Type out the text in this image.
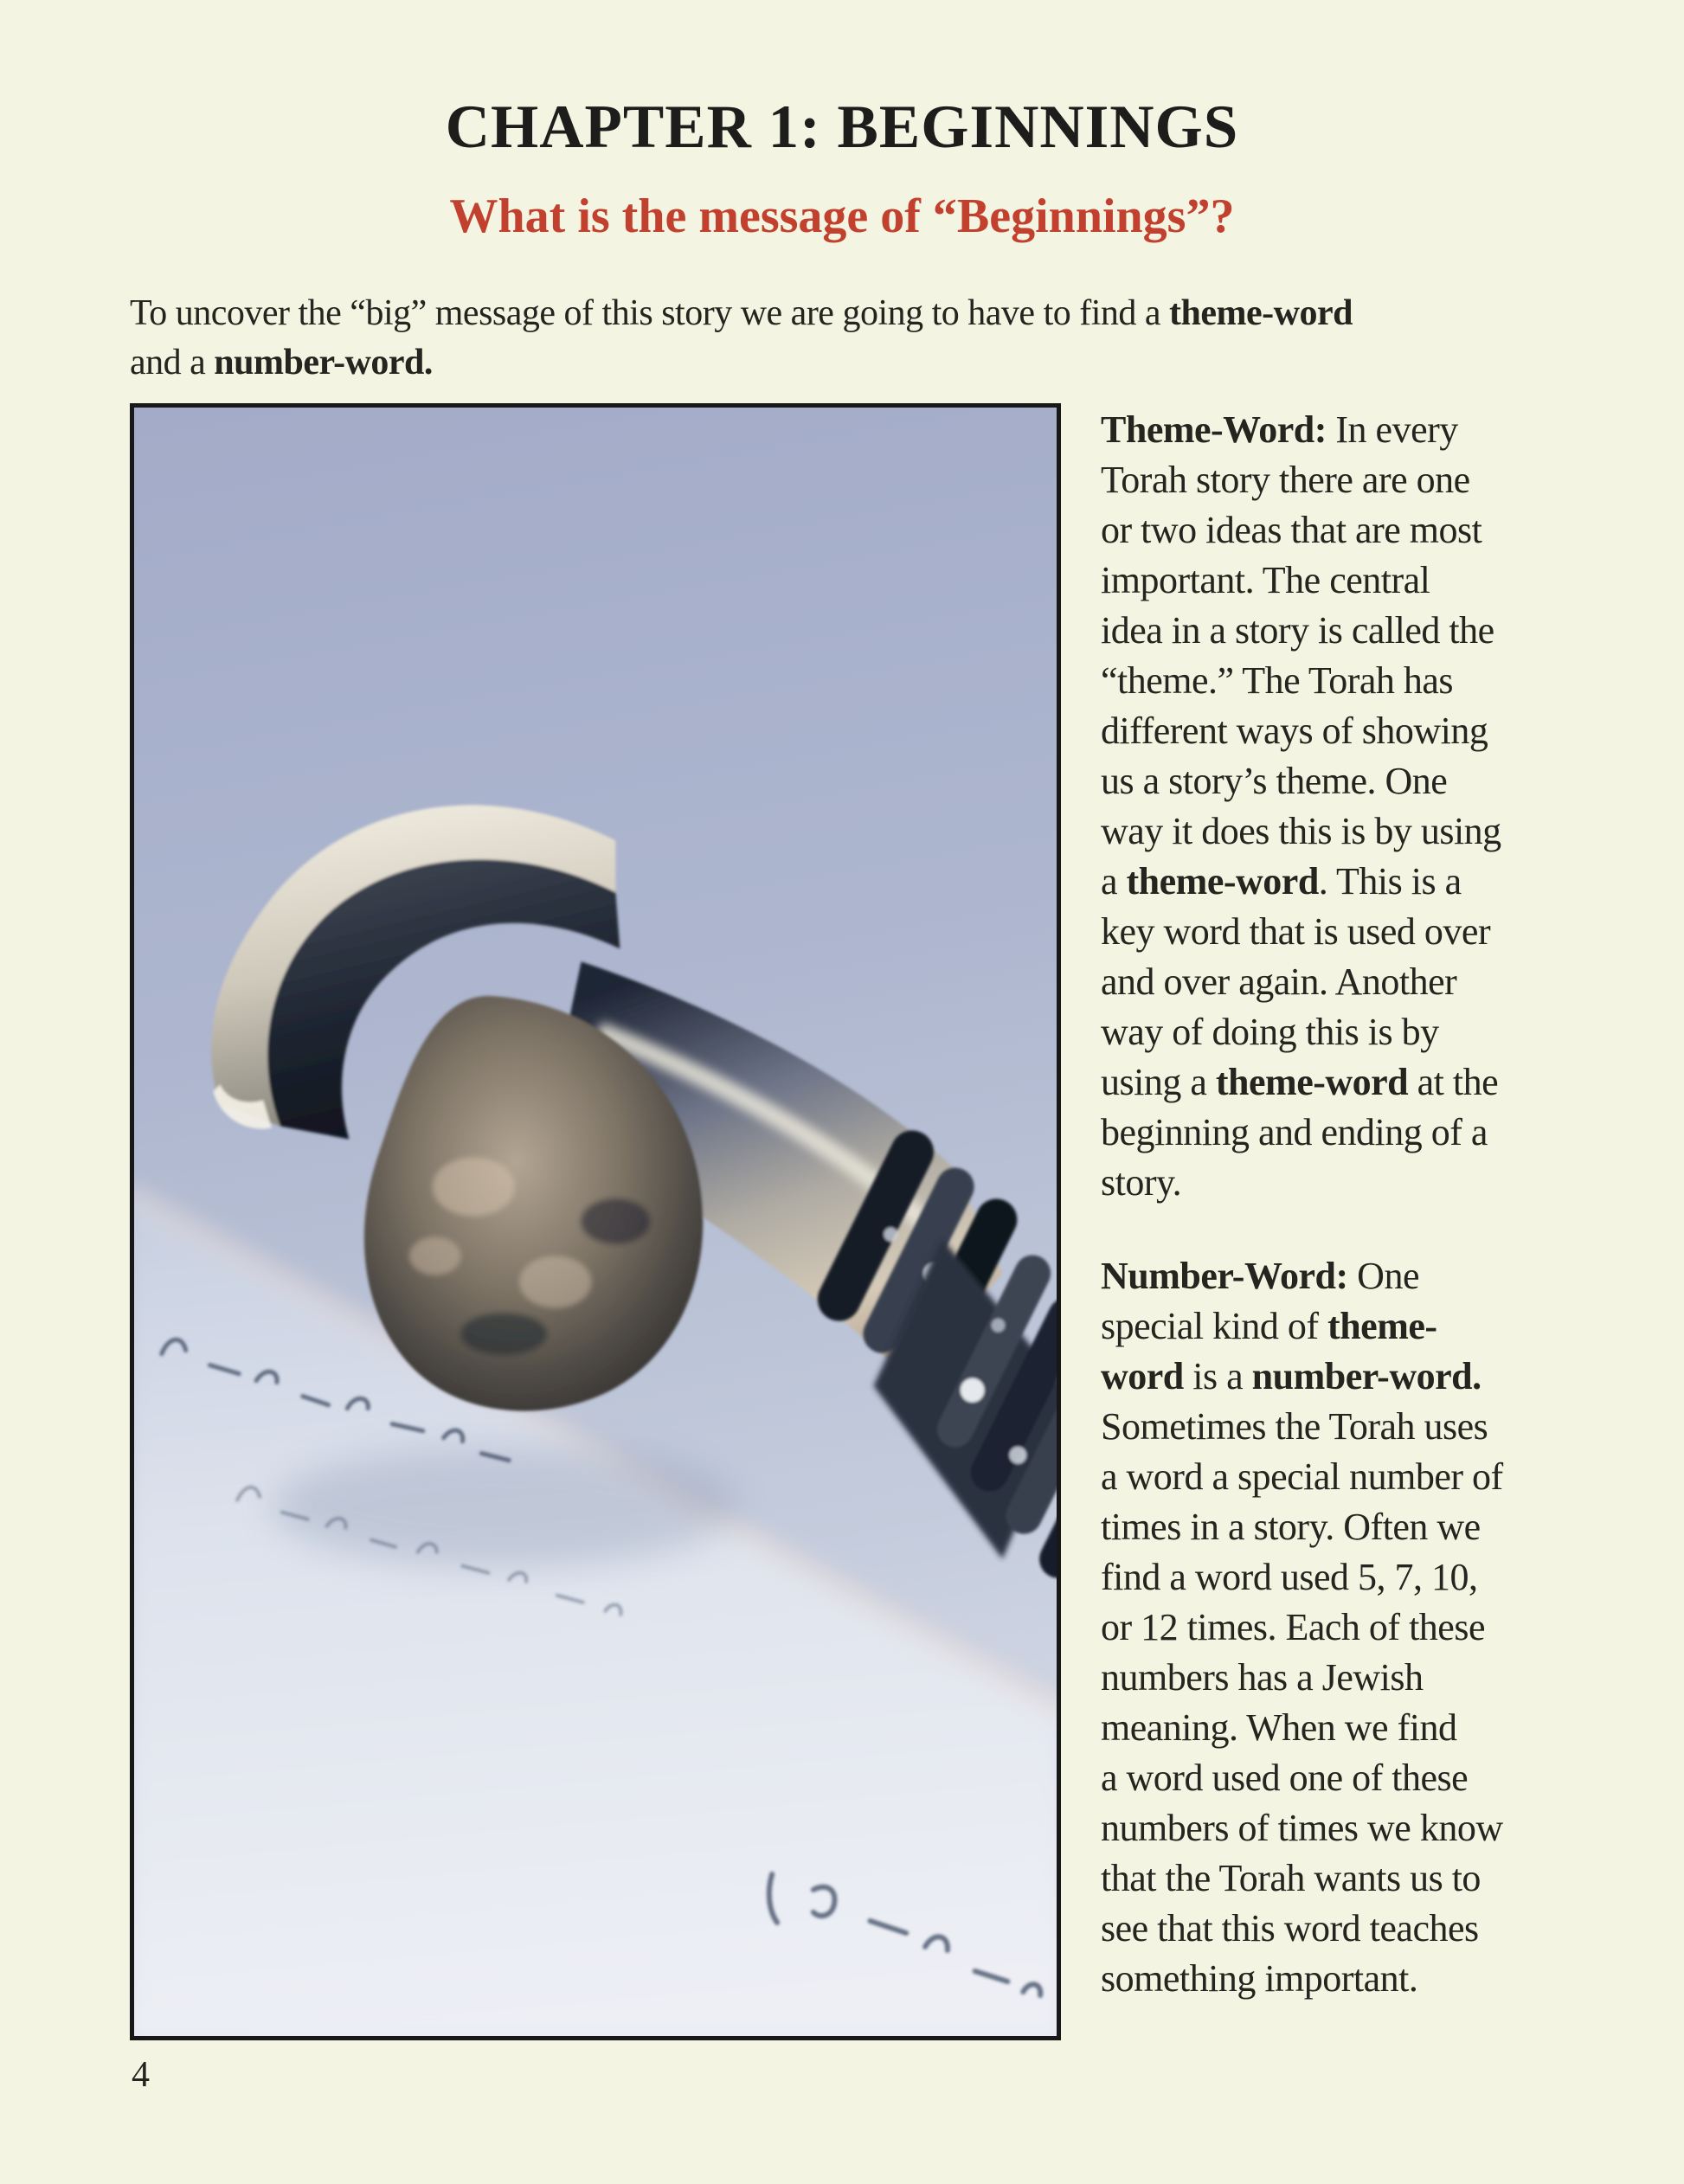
CHAPTER 1: BEGINNINGS
What is the message of “Beginnings”?
To uncover the “big” message of this story we are going to have to find a theme-word
and a number-word.
Theme-Word: In every
Torah story there are one
or two ideas that are most
important. The central
idea in a story is called the
“theme.” The Torah has
different ways of showing
us a story’s theme. One
way it does this is by using
a theme-word. This is a
key word that is used over
and over again. Another
way of doing this is by
using a theme-word at the
beginning and ending of a
story.
Number-Word: One
special kind of theme-
word is a number-word.
Sometimes the Torah uses
a word a special number of
times in a story. Often we
find a word used 5, 7, 10,
or 12 times. Each of these
numbers has a Jewish
meaning. When we find
a word used one of these
numbers of times we know
that the Torah wants us to
see that this word teaches
something important.
4
